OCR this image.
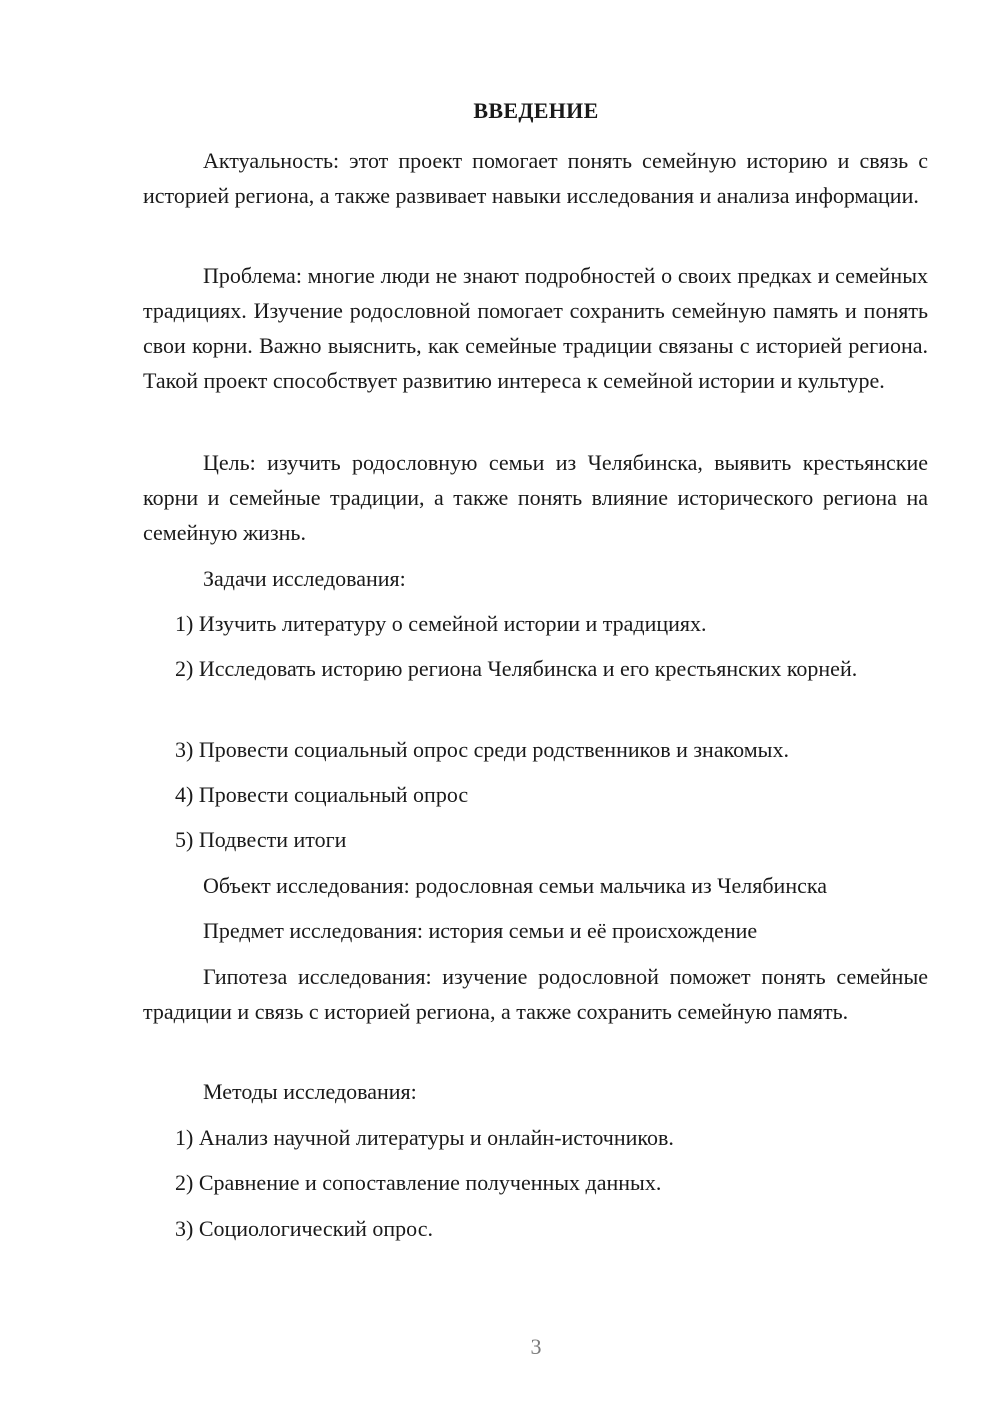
ВВЕДЕНИЕ

Актуальность: этот проект помогает понять семейную историю и связь с историей региона, а также развивает навыки исследования и анализа информации.

Проблема: многие люди не знают подробностей о своих предках и семейных традициях. Изучение родословной помогает сохранить семейную память и понять свои корни. Важно выяснить, как семейные традиции связаны с историей региона. Такой проект способствует развитию интереса к семейной истории и культуре.

Цель: изучить родословную семьи из Челябинска, выявить крестьянские корни и семейные традиции, а также понять влияние исторического региона на семейную жизнь.

Задачи исследования:

1) Изучить литературу о семейной истории и традициях.

2) Исследовать историю региона Челябинска и его крестьянских корней.

3) Провести социальный опрос среди родственников и знакомых.

4) Провести социальный опрос

5) Подвести итоги

Объект исследования: родословная семьи мальчика из Челябинска

Предмет исследования: история семьи и её происхождение

Гипотеза исследования: изучение родословной поможет понять семейные традиции и связь с историей региона, а также сохранить семейную память.

Методы исследования:

1) Анализ научной литературы и онлайн-источников.

2) Сравнение и сопоставление полученных данных.

3) Социологический опрос.

3
